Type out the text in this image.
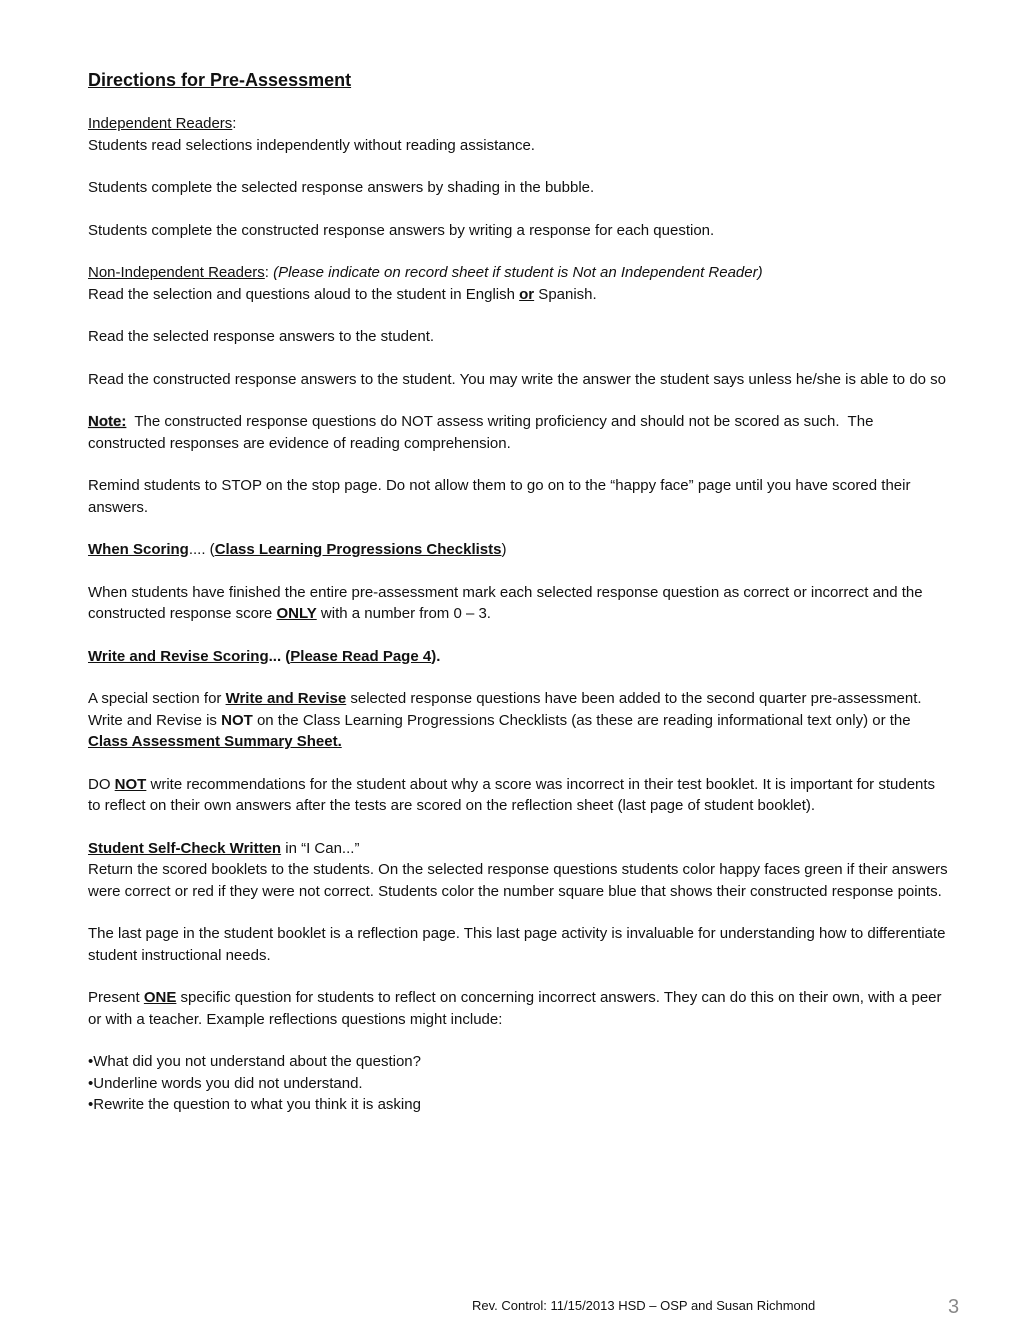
Directions for Pre-Assessment

Independent Readers:

Students read selections independently without reading assistance.

Students complete the selected response answers by shading in the bubble.

Students complete the constructed response answers by writing a response for each question.

Non-Independent Readers: (Please indicate on record sheet if student is Not an Independent Reader)

Read the selection and questions aloud to the student in English or Spanish.

Read the selected response answers to the student.

Read the constructed response answers to the student. You may write the answer the student says unless he/she is able to do so

Note:  The constructed response questions do NOT assess writing proficiency and should not be scored as such.  The constructed responses are evidence of reading comprehension.

Remind students to STOP on the stop page. Do not allow them to go on to the “happy face” page until you have scored their answers.

When Scoring.... (Class Learning Progressions Checklists)

When students have finished the entire pre-assessment mark each selected response question as correct or incorrect and the constructed response score ONLY with a number from 0 – 3.

Write and Revise Scoring... (Please Read Page 4).

A special section for Write and Revise selected response questions have been added to the second quarter pre-assessment. Write and Revise is NOT on the Class Learning Progressions Checklists (as these are reading informational text only) or the  Class Assessment Summary Sheet.

DO NOT write recommendations for the student about why a score was incorrect in their test booklet. It is important for students to reflect on their own answers after the tests are scored on the reflection sheet (last page of student booklet).

Student Self-Check Written in “I Can...”

Return the scored booklets to the students. On the selected response questions students color happy faces green if their answers were correct or red if they were not correct. Students color the number square blue that shows their constructed response points.

The last page in the student booklet is a reflection page. This last page activity is invaluable for understanding how to differentiate student instructional needs.

Present ONE specific question for students to reflect on concerning incorrect answers. They can do this on their own, with a peer or with a teacher. Example reflections questions might include:

•What did you not understand about the question?

•Underline words you did not understand.

•Rewrite the question to what you think it is asking

Rev. Control: 11/15/2013 HSD – OSP and Susan Richmond	3
